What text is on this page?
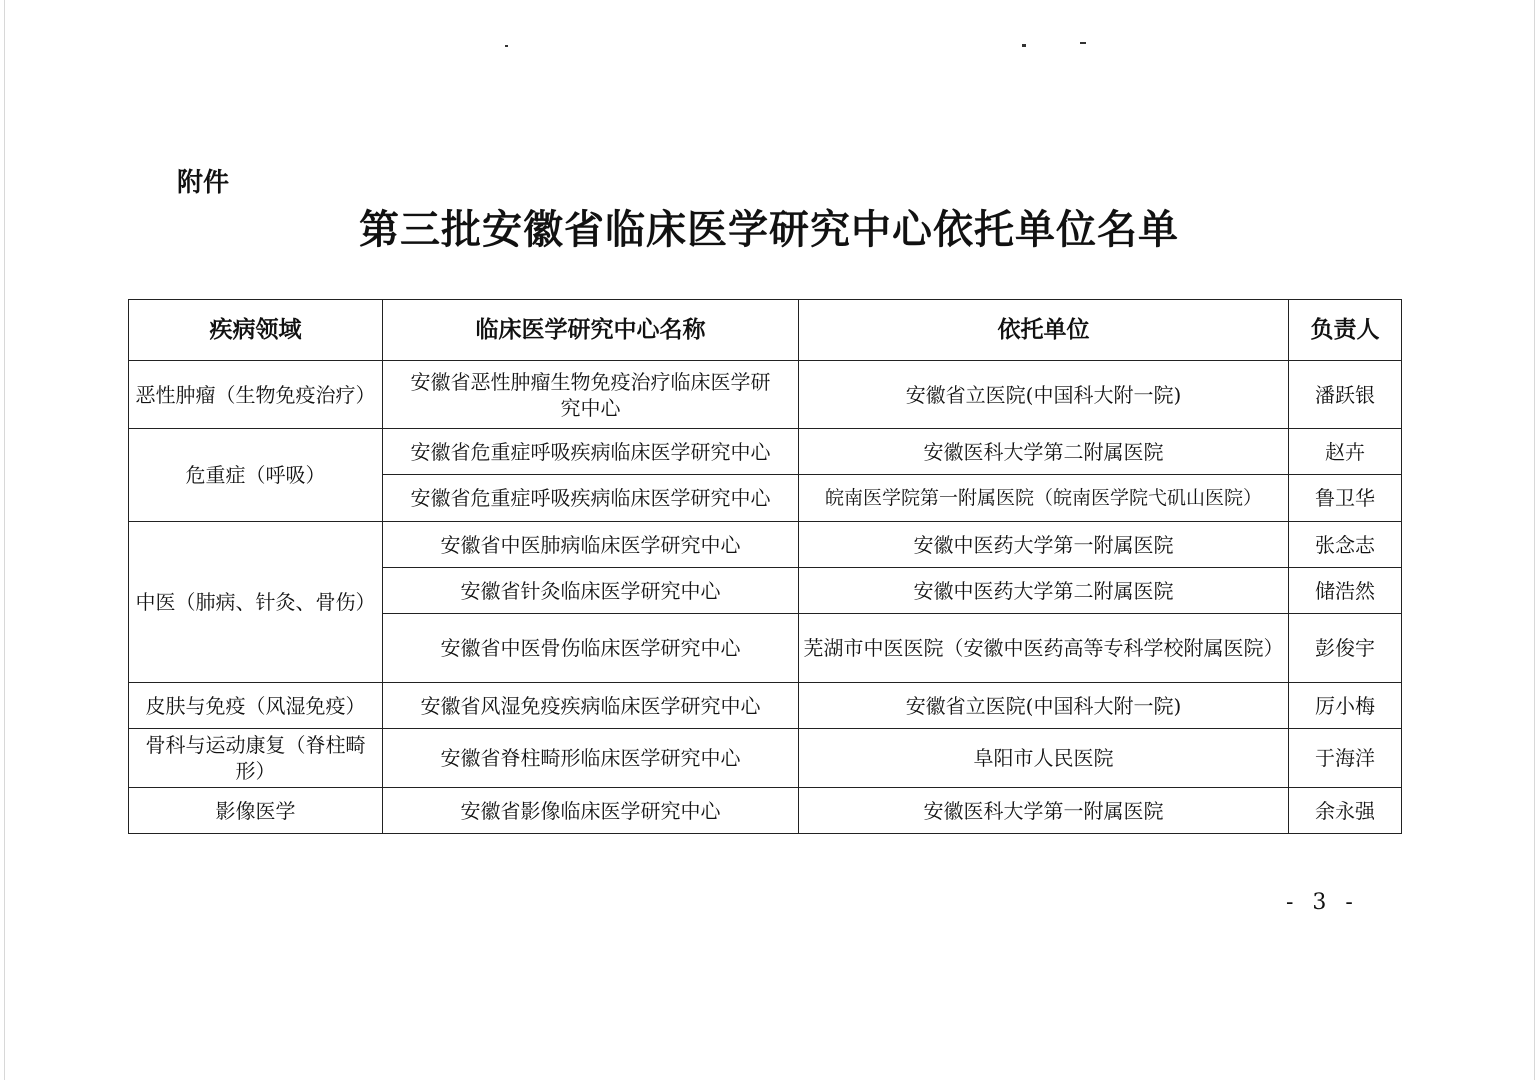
附件
第三批安徽省临床医学研究中心依托单位名单
疾病领域	临床医学研究中心名称	依托单位	负责人
恶性肿瘤（生物免疫治疗）	安徽省恶性肿瘤生物免疫治疗临床医学研究中心	安徽省立医院(中国科大附一院)	潘跃银
危重症（呼吸）	安徽省危重症呼吸疾病临床医学研究中心	安徽医科大学第二附属医院	赵卉
	安徽省危重症呼吸疾病临床医学研究中心	皖南医学院第一附属医院（皖南医学院弋矶山医院）	鲁卫华
中医（肺病、针灸、骨伤）	安徽省中医肺病临床医学研究中心	安徽中医药大学第一附属医院	张念志
	安徽省针灸临床医学研究中心	安徽中医药大学第二附属医院	储浩然
	安徽省中医骨伤临床医学研究中心	芜湖市中医医院（安徽中医药高等专科学校附属医院）	彭俊宇
皮肤与免疫（风湿免疫）	安徽省风湿免疫疾病临床医学研究中心	安徽省立医院(中国科大附一院)	厉小梅
骨科与运动康复（脊柱畸形）	安徽省脊柱畸形临床医学研究中心	阜阳市人民医院	于海洋
影像医学	安徽省影像临床医学研究中心	安徽医科大学第一附属医院	余永强
- 3 -
